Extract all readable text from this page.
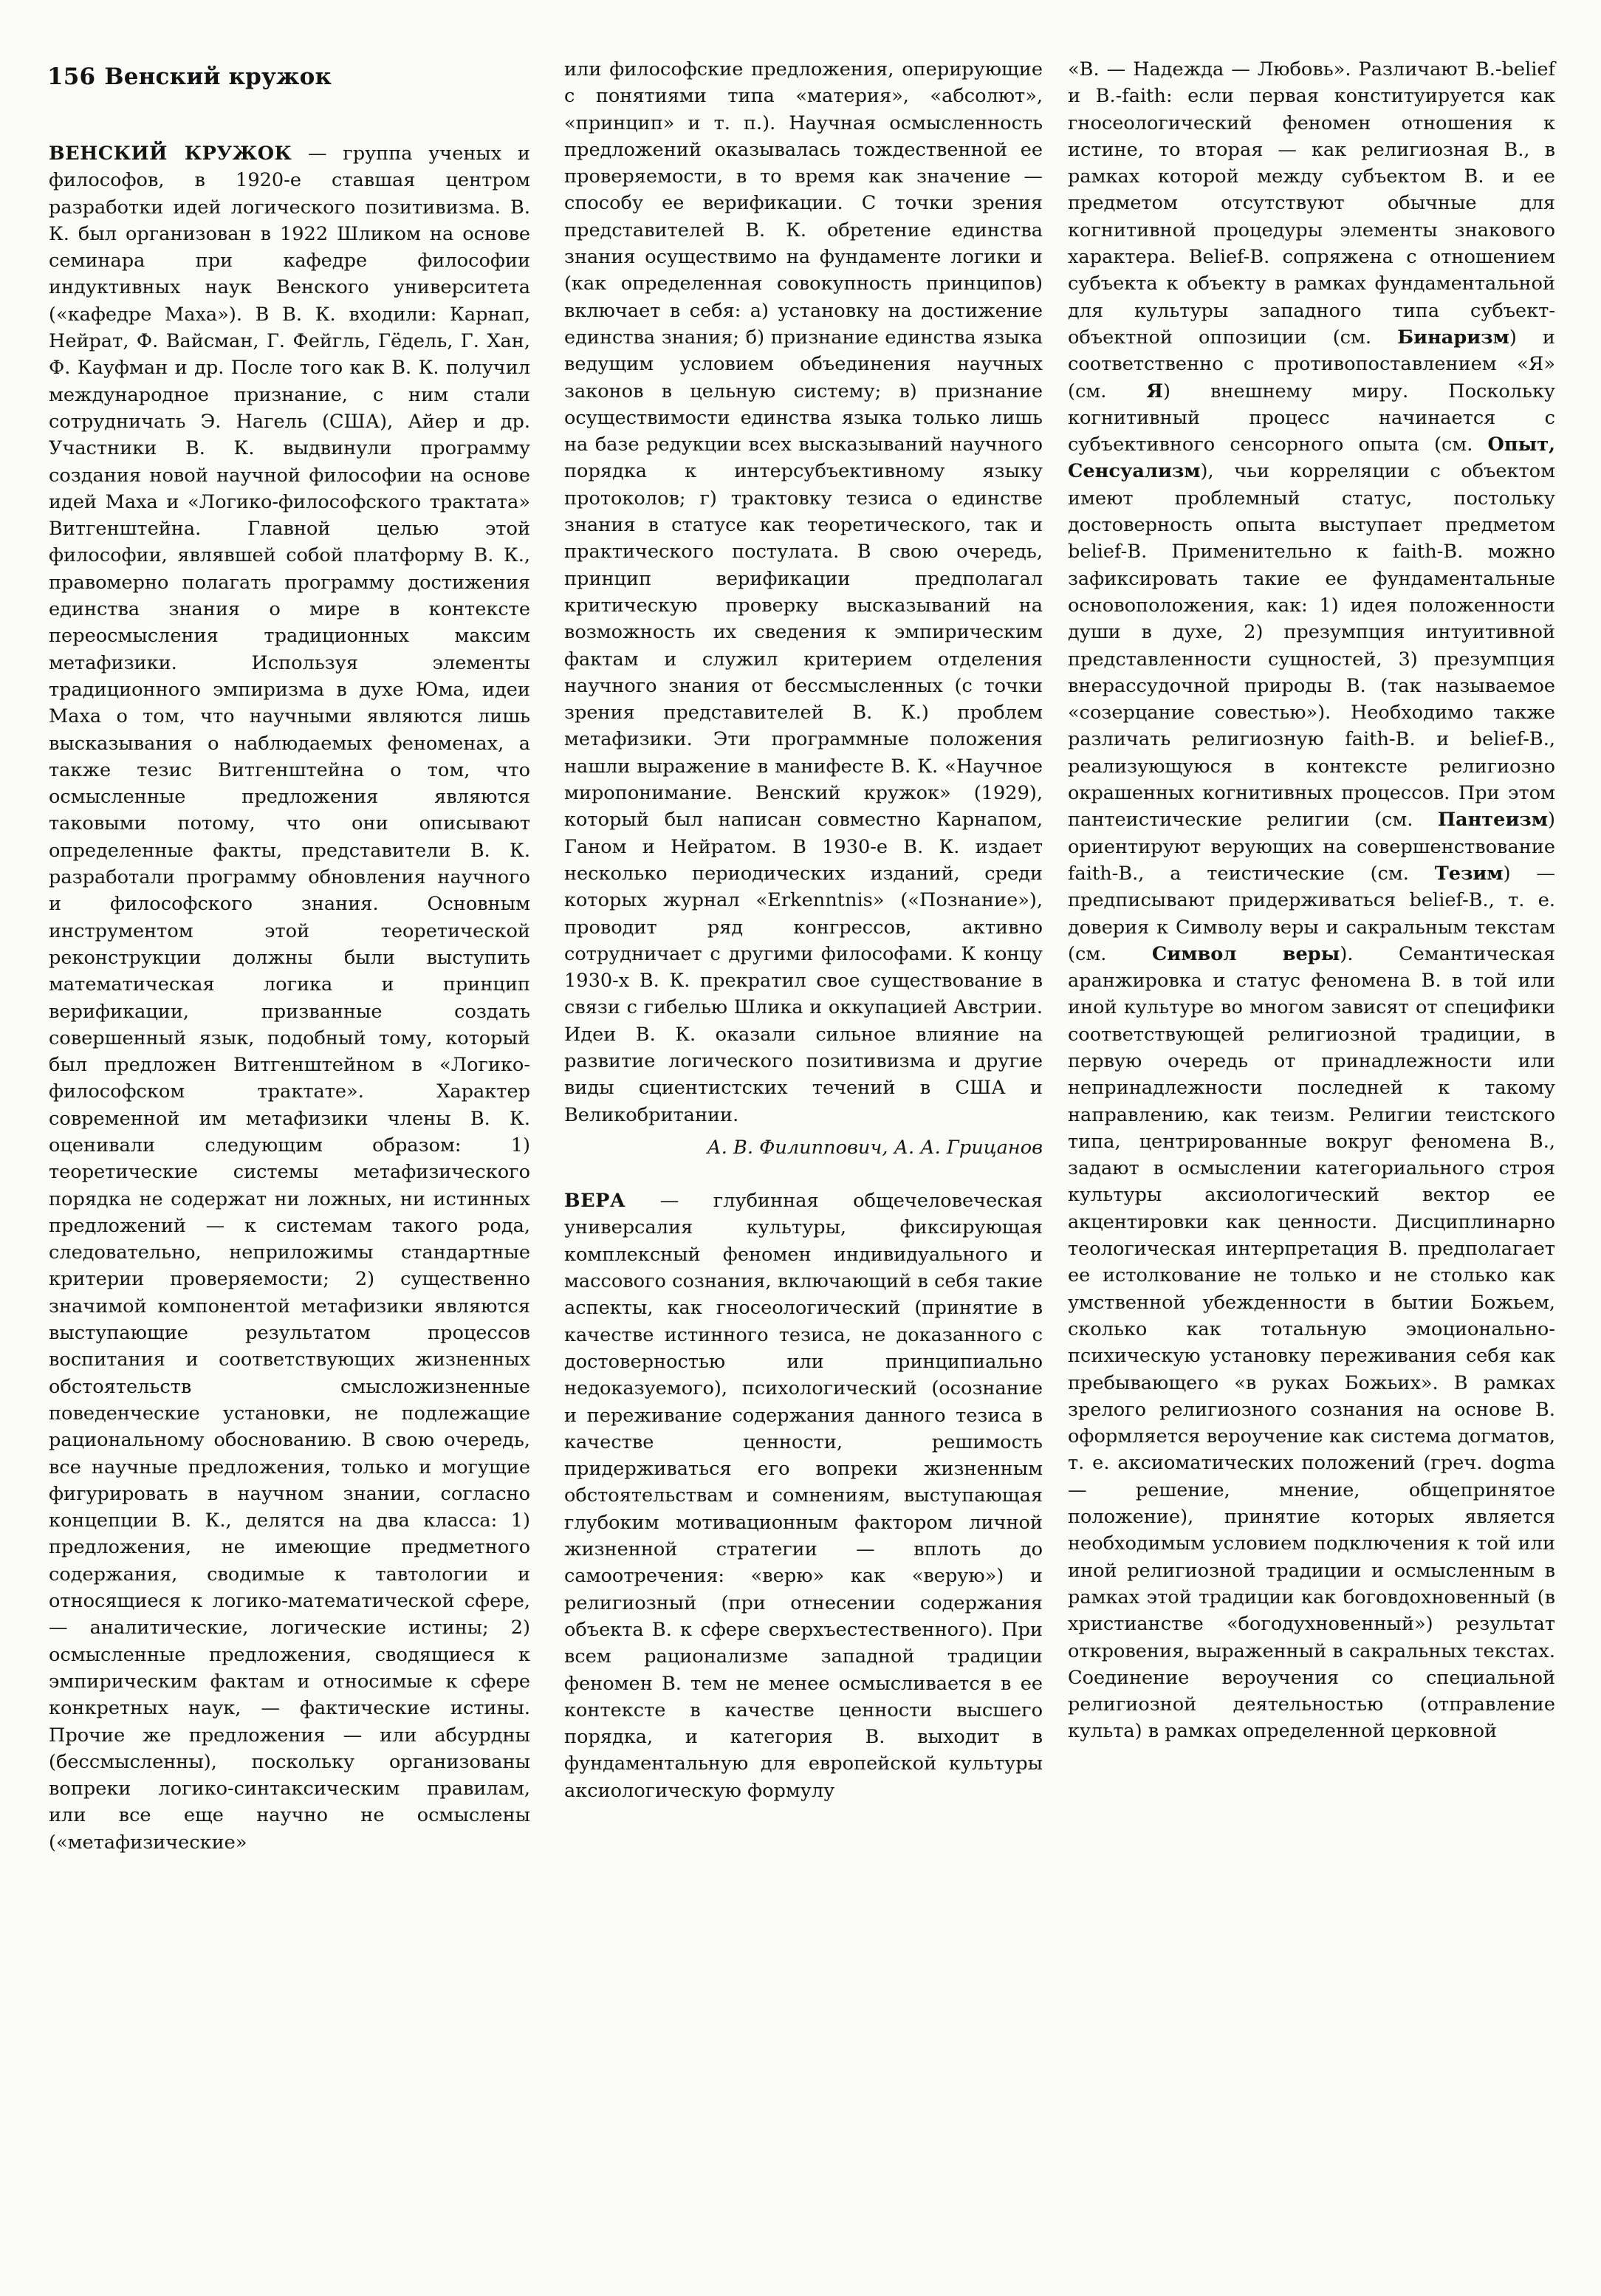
156 Венский кружок

ВЕНСКИЙ КРУЖОК — группа ученых и философов, в 1920-е ставшая центром разработки идей логического позитивизма. В. К. был организован в 1922 Шликом на основе семинара при кафедре философии индуктивных наук Венского университета («кафедре Маха»). В В. К. входили: Карнап, Нейрат, Ф. Вайсман, Г. Фейгль, Гёдель, Г. Хан, Ф. Кауфман и др. После того как В. К. получил международное признание, с ним стали сотрудничать Э. Нагель (США), Айер и др. Участники В. К. выдвинули программу создания новой научной философии на основе идей Маха и «Логико-философского трактата» Витгенштейна. Главной целью этой философии, являвшей собой платформу В. К., правомерно полагать программу достижения единства знания о мире в контексте переосмысления традиционных максим метафизики. Используя элементы традиционного эмпиризма в духе Юма, идеи Маха о том, что научными являются лишь высказывания о наблюдаемых феноменах, а также тезис Витгенштейна о том, что осмысленные предложения являются таковыми потому, что они описывают определенные факты, представители В. К. разработали программу обновления научного и философского знания. Основным инструментом этой теоретической реконструкции должны были выступить математическая логика и принцип верификации, призванные создать совершенный язык, подобный тому, который был предложен Витгенштейном в «Логико-философском трактате». Характер современной им метафизики члены В. К. оценивали следующим образом: 1) теоретические системы метафизического порядка не содержат ни ложных, ни истинных предложений — к системам такого рода, следовательно, неприложимы стандартные критерии проверяемости; 2) существенно значимой компонентой метафизики являются выступающие результатом процессов воспитания и соответствующих жизненных обстоятельств смысложизненные поведенческие установки, не подлежащие рациональному обоснованию. В свою очередь, все научные предложения, только и могущие фигурировать в научном знании, согласно концепции В. К., делятся на два класса: 1) предложения, не имеющие предметного содержания, сводимые к тавтологии и относящиеся к логико-математической сфере, — аналитические, логические истины; 2) осмысленные предложения, сводящиеся к эмпирическим фактам и относимые к сфере конкретных наук, — фактические истины. Прочие же предложения — или абсурдны (бессмысленны), поскольку организованы вопреки логико-синтаксическим правилам, или все еще научно не осмыслены («метафизические»

или философские предложения, оперирующие с понятиями типа «материя», «абсолют», «принцип» и т. п.). Научная осмысленность предложений оказывалась тождественной ее проверяемости, в то время как значение — способу ее верификации. С точки зрения представителей В. К. обретение единства знания осуществимо на фундаменте логики и (как определенная совокупность принципов) включает в себя: а) установку на достижение единства знания; б) признание единства языка ведущим условием объединения научных законов в цельную систему; в) признание осуществимости единства языка только лишь на базе редукции всех высказываний научного порядка к интерсубъективному языку протоколов; г) трактовку тезиса о единстве знания в статусе как теоретического, так и практического постулата. В свою очередь, принцип верификации предполагал критическую проверку высказываний на возможность их сведения к эмпирическим фактам и служил критерием отделения научного знания от бессмысленных (с точки зрения представителей В. К.) проблем метафизики. Эти программные положения нашли выражение в манифесте В. К. «Научное миропонимание. Венский кружок» (1929), который был написан совместно Карнапом, Ганом и Нейратом. В 1930-е В. К. издает несколько периодических изданий, среди которых журнал «Erkenntnis» («Познание»), проводит ряд конгрессов, активно сотрудничает с другими философами. К концу 1930-х В. К. прекратил свое существование в связи с гибелью Шлика и оккупацией Австрии. Идеи В. К. оказали сильное влияние на развитие логического позитивизма и другие виды сциентистских течений в США и Великобритании.

А. В. Филиппович, А. А. Грицанов

ВЕРА — глубинная общечеловеческая универсалия культуры, фиксирующая комплексный феномен индивидуального и массового сознания, включающий в себя такие аспекты, как гносеологический (принятие в качестве истинного тезиса, не доказанного с достоверностью или принципиально недоказуемого), психологический (осознание и переживание содержания данного тезиса в качестве ценности, решимость придерживаться его вопреки жизненным обстоятельствам и сомнениям, выступающая глубоким мотивационным фактором личной жизненной стратегии — вплоть до самоотречения: «верю» как «верую») и религиозный (при отнесении содержания объекта В. к сфере сверхъестественного). При всем рационализме западной традиции феномен В. тем не менее осмысливается в ее контексте в качестве ценности высшего порядка, и категория В. выходит в фундаментальную для европейской культуры аксиологическую формулу

«В. — Надежда — Любовь». Различают В.-belief и В.-faith: если первая конституируется как гносеологический феномен отношения к истине, то вторая — как религиозная В., в рамках которой между субъектом В. и ее предметом отсутствуют обычные для когнитивной процедуры элементы знакового характера. Belief-В. сопряжена с отношением субъекта к объекту в рамках фундаментальной для культуры западного типа субъект-объектной оппозиции (см. Бинаризм) и соответственно с противопоставлением «Я» (см. Я) внешнему миру. Поскольку когнитивный процесс начинается с субъективного сенсорного опыта (см. Опыт, Сенсуализм), чьи корреляции с объектом имеют проблемный статус, постольку достоверность опыта выступает предметом belief-В. Применительно к faith-В. можно зафиксировать такие ее фундаментальные основоположения, как: 1) идея положенности души в духе, 2) презумпция интуитивной представленности сущностей, 3) презумпция внерассудочной природы В. (так называемое «созерцание совестью»). Необходимо также различать религиозную faith-В. и belief-В., реализующуюся в контексте религиозно окрашенных когнитивных процессов. При этом пантеистические религии (см. Пантеизм) ориентируют верующих на совершенствование faith-В., а теистические (см. Тезим) — предписывают придерживаться belief-В., т. е. доверия к Символу веры и сакральным текстам (см. Символ веры). Семантическая аранжировка и статус феномена В. в той или иной культуре во многом зависят от специфики соответствующей религиозной традиции, в первую очередь от принадлежности или непринадлежности последней к такому направлению, как теизм. Религии теистского типа, центрированные вокруг феномена В., задают в осмыслении категориального строя культуры аксиологический вектор ее акцентировки как ценности. Дисциплинарно теологическая интерпретация В. предполагает ее истолкование не только и не столько как умственной убежденности в бытии Божьем, сколько как тотальную эмоционально-психическую установку переживания себя как пребывающего «в руках Божьих». В рамках зрелого религиозного сознания на основе В. оформляется вероучение как система догматов, т. е. аксиоматических положений (греч. dogma — решение, мнение, общепринятое положение), принятие которых является необходимым условием подключения к той или иной религиозной традиции и осмысленным в рамках этой традиции как боговдохновенный (в христианстве «богодухновенный») результат откровения, выраженный в сакральных текстах. Соединение вероучения со специальной религиозной деятельностью (отправление культа) в рамках определенной церковной
